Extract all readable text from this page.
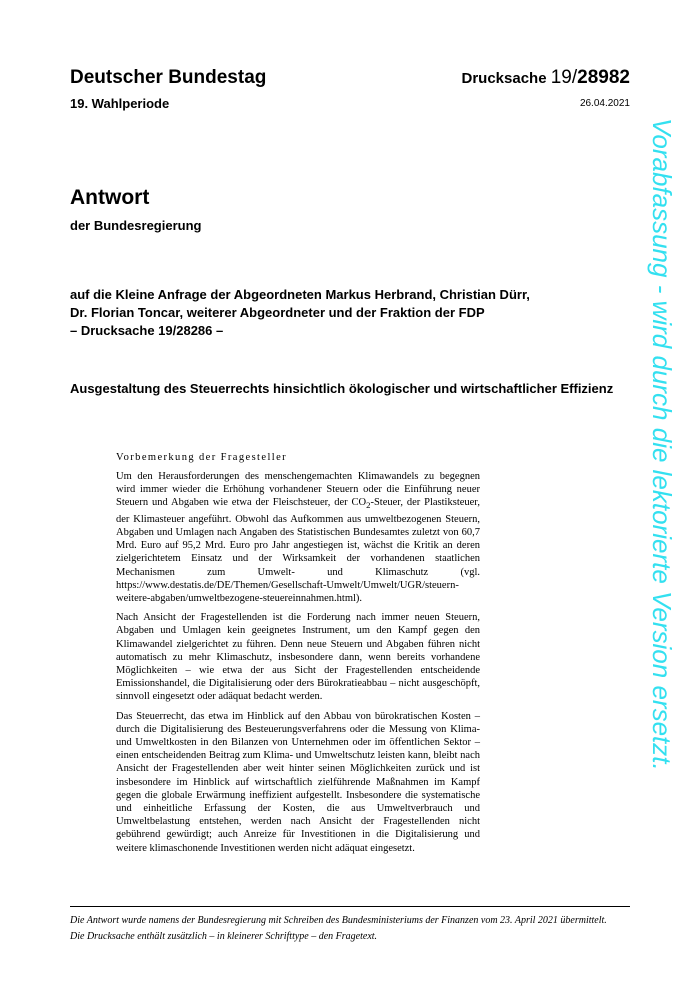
Deutscher Bundestag
19. Wahlperiode
Drucksache 19/28982
26.04.2021
Antwort
der Bundesregierung
auf die Kleine Anfrage der Abgeordneten Markus Herbrand, Christian Dürr,
Dr. Florian Toncar, weiterer Abgeordneter und der Fraktion der FDP
– Drucksache 19/28286 –
Ausgestaltung des Steuerrechts hinsichtlich ökologischer und wirtschaftlicher Effizienz
Vorbemerkung der Fragesteller

Um den Herausforderungen des menschengemachten Klimawandels zu begegnen wird immer wieder die Erhöhung vorhandener Steuern oder die Einführung neuer Steuern und Abgaben wie etwa der Fleischsteuer, der $CO_2$-Steuer, der Plastiksteuer, der Klimasteuer angeführt. Obwohl das Aufkommen aus umweltbezogenen Steuern, Abgaben und Umlagen nach Angaben des Statistischen Bundesamtes zuletzt von 60,7 Mrd. Euro auf 95,2 Mrd. Euro pro Jahr angestiegen ist, wächst die Kritik an deren zielgerichtetem Einsatz und der Wirksamkeit der vorhandenen staatlichen Mechanismen zum Umwelt- und Klimaschutz (vgl. https://www.destatis.de/DE/Themen/Gesellschaft-Umwelt/Umwelt/UGR/steuern-weitere-abgaben/umweltbezogene-steuereinnahmen.html).

Nach Ansicht der Fragestellenden ist die Forderung nach immer neuen Steuern, Abgaben und Umlagen kein geeignetes Instrument, um den Kampf gegen den Klimawandel zielgerichtet zu führen. Denn neue Steuern und Abgaben führen nicht automatisch zu mehr Klimaschutz, insbesondere dann, wenn bereits vorhandene Möglichkeiten – wie etwa der aus Sicht der Fragestellenden entscheidende Emissionshandel, die Digitalisierung oder ders Bürokratieabbau – nicht ausgeschöpft, sinnvoll eingesetzt oder adäquat bedacht werden.

Das Steuerrecht, das etwa im Hinblick auf den Abbau von bürokratischen Kosten – durch die Digitalisierung des Besteuerungsverfahrens oder die Messung von Klima- und Umweltkosten in den Bilanzen von Unternehmen oder im öffentlichen Sektor – einen entscheidenden Beitrag zum Klima- und Umweltschutz leisten kann, bleibt nach Ansicht der Fragestellenden aber weit hinter seinen Möglichkeiten zurück und ist insbesondere im Hinblick auf wirtschaftlich zielführende Maßnahmen im Kampf gegen die globale Erwärmung ineffizient aufgestellt. Insbesondere die systematische und einheitliche Erfassung der Kosten, die aus Umweltverbrauch und Umweltbelastung entstehen, werden nach Ansicht der Fragestellenden nicht gebührend gewürdigt; auch Anreize für Investitionen in die Digitalisierung und weitere klimaschonende Investitionen werden nicht adäquat eingesetzt.

Die Antwort wurde namens der Bundesregierung mit Schreiben des Bundesministeriums der Finanzen vom 23. April 2021 übermittelt.

Die Drucksache enthält zusätzlich – in kleinerer Schrifttype – den Fragetext.

Vorabfassung - wird durch die lektorierte Version ersetzt.
